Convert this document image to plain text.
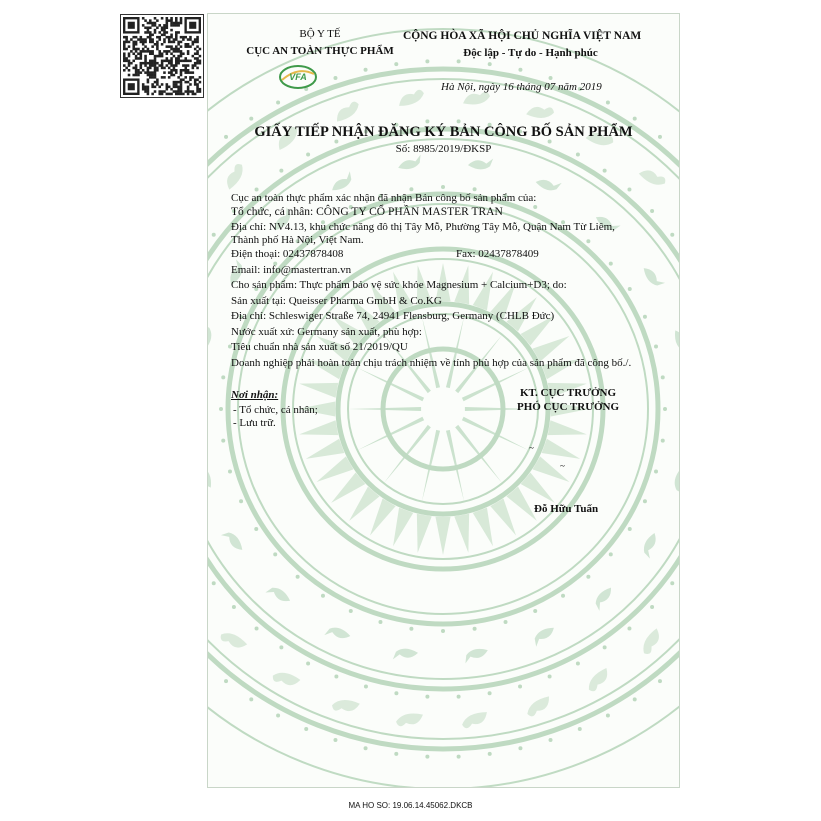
BỘ Y TẾ
CỤC AN TOÀN THỰC PHẨM
VFA
CỘNG HÒA XÃ HỘI CHỦ NGHĨA VIỆT NAM
Độc lập - Tự do - Hạnh phúc
Hà Nội, ngày 16 tháng 07 năm 2019
GIẤY TIẾP NHẬN ĐĂNG KÝ BẢN CÔNG BỐ SẢN PHẨM
Số: 8985/2019/ĐKSP
Cục an toàn thực phẩm xác nhận đã nhận Bản công bố sản phẩm của:
Tổ chức, cá nhân: CÔNG TY CỔ PHẦN MASTER TRAN
Địa chỉ: NV4.13, khu chức năng đô thị Tây Mỗ, Phường Tây Mỗ, Quận Nam Từ Liêm,
Thành phố Hà Nội, Việt Nam.
Điện thoại: 02437878408	Fax: 02437878409
Email: info@mastertran.vn
Cho sản phẩm: Thực phẩm bảo vệ sức khỏe Magnesium + Calcium+D3; do:
Sản xuất tại: Queisser Pharma GmbH & Co.KG
Địa chỉ: Schleswiger Straße 74, 24941 Flensburg, Germany (CHLB Đức)
Nước xuất xứ: Germany sản xuất, phù hợp:
Tiêu chuẩn nhà sản xuất số 21/2019/QU
Doanh nghiệp phải hoàn toàn chịu trách nhiệm về tính phù hợp của sản phẩm đã công bố./.
Nơi nhận:
- Tổ chức, cá nhân;
- Lưu trữ.
KT. CỤC TRƯỞNG
PHÓ CỤC TRƯỞNG
~
~
Đỗ Hữu Tuấn
MA HO SO: 19.06.14.45062.DKCB
